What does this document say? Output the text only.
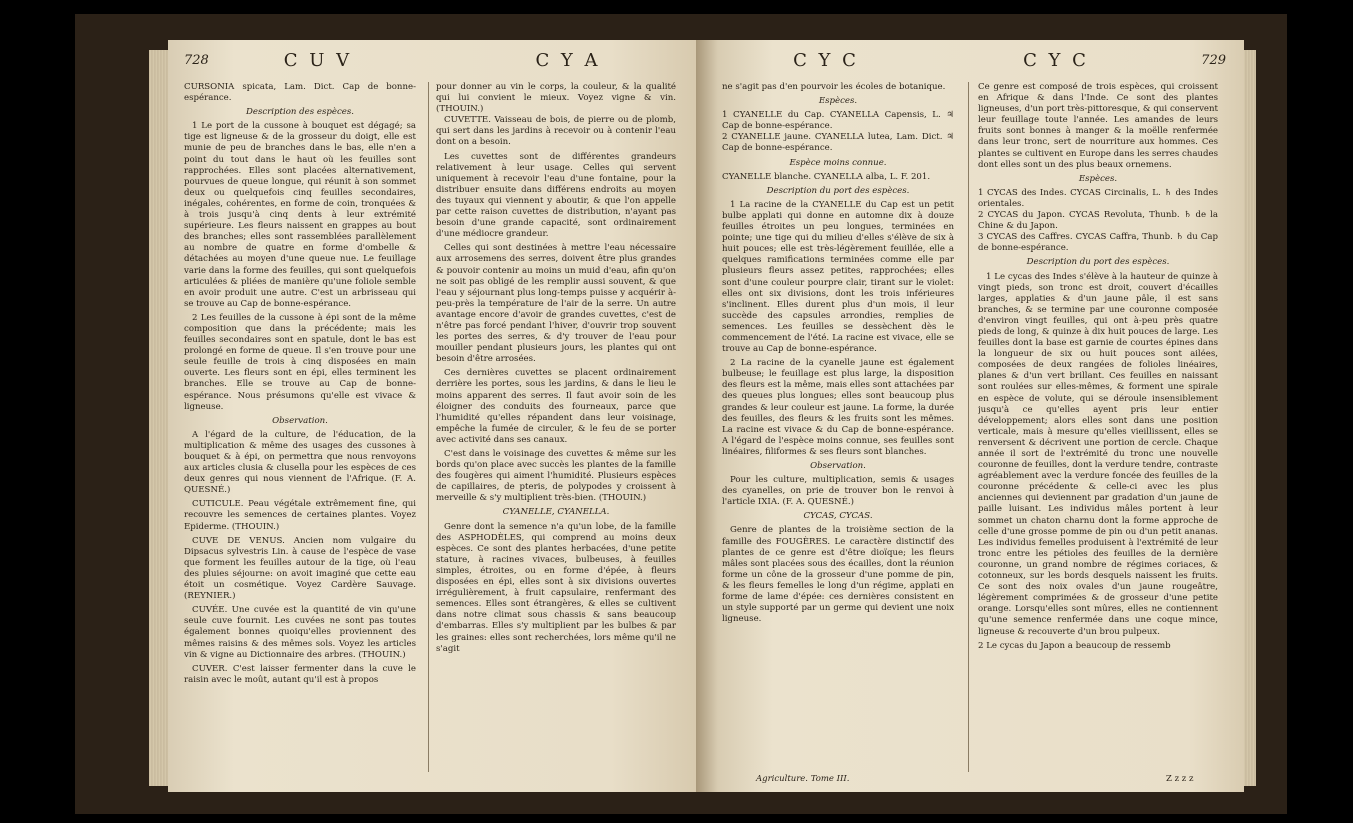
728	C U V	C Y A

CURSONIA spicata, Lam. Dict. Cap de bonne-espérance.

Description des espèces.

1 Le port de la cussone à bouquet est dégagé; sa tige est ligneuse & de la grosseur du doigt, elle est munie de peu de branches dans le bas, elle n'en a point du tout dans le haut où les feuilles sont rapprochées. Elles sont placées alternativement, pourvues de queue longue, qui réunit à son sommet deux ou quelquefois cinq feuilles secondaires, inégales, cohérentes, en forme de coin, tronquées & à trois jusqu'à cinq dents à leur extrémité supérieure. Les fleurs naissent en grappes au bout des branches; elles sont rassemblées parallèlement au nombre de quatre en forme d'ombelle & détachées au moyen d'une queue nue. Le feuillage varie dans la forme des feuilles, qui sont quelquefois articulées & pliées de manière qu'une foliole semble en avoir produit une autre. C'est un arbrisseau qui se trouve au Cap de bonne-espérance.

2 Les feuilles de la cussone à épi sont de la même composition que dans la précédente; mais les feuilles secondaires sont en spatule, dont le bas est prolongé en forme de queue. Il s'en trouve pour une seule feuille de trois à cinq disposées en main ouverte. Les fleurs sont en épi, elles terminent les branches. Elle se trouve au Cap de bonne-espérance. Nous présumons qu'elle est vivace & ligneuse.

Observation.

A l'égard de la culture, de l'éducation, de la multiplication & même des usages des cussones à bouquet & à épi, on permettra que nous renvoyons aux articles clusia & clusella pour les espèces de ces deux genres qui nous viennent de l'Afrique. (F. A. QUESNÉ.)

CUTICULE. Peau végétale extrêmement fine, qui recouvre les semences de certaines plantes. Voyez Epiderme. (THOUIN.)

CUVE DE VENUS. Ancien nom vulgaire du Dipsacus sylvestris Lin. à cause de l'espèce de vase que forment les feuilles autour de la tige, où l'eau des pluies séjourne: on avoit imaginé que cette eau étoit un cosmétique. Voyez Cardère Sauvage. (REYNIER.)

CUVÉE. Une cuvée est la quantité de vin qu'une seule cuve fournit. Les cuvées ne sont pas toutes également bonnes quoiqu'elles proviennent des mêmes raisins & des mêmes sols. Voyez les articles vin & vigne au Dictionnaire des arbres. (THOUIN.)

CUVER. C'est laisser fermenter dans la cuve le raisin avec le moût, autant qu'il est à propos

pour donner au vin le corps, la couleur, & la qualité qui lui convient le mieux. Voyez vigne & vin. (THOUIN.)

CUVETTE. Vaisseau de bois, de pierre ou de plomb, qui sert dans les jardins à recevoir ou à contenir l'eau dont on a besoin.

Les cuvettes sont de différentes grandeurs relativement à leur usage. Celles qui servent uniquement à recevoir l'eau d'une fontaine, pour la distribuer ensuite dans différens endroits au moyen des tuyaux qui viennent y aboutir, & que l'on appelle par cette raison cuvettes de distribution, n'ayant pas besoin d'une grande capacité, sont ordinairement d'une médiocre grandeur.

Celles qui sont destinées à mettre l'eau nécessaire aux arrosemens des serres, doivent être plus grandes & pouvoir contenir au moins un muid d'eau, afin qu'on ne soit pas obligé de les remplir aussi souvent, & que l'eau y séjournant plus long-temps puisse y acquérir à-peu-près la température de l'air de la serre. Un autre avantage encore d'avoir de grandes cuvettes, c'est de n'être pas forcé pendant l'hiver, d'ouvrir trop souvent les portes des serres, & d'y trouver de l'eau pour mouiller pendant plusieurs jours, les plantes qui ont besoin d'être arrosées.

Ces dernières cuvettes se placent ordinairement derrière les portes, sous les jardins, & dans le lieu le moins apparent des serres. Il faut avoir soin de les éloigner des conduits des fourneaux, parce que l'humidité qu'elles répandent dans leur voisinage, empêche la fumée de circuler, & le feu de se porter avec activité dans ses canaux.

C'est dans le voisinage des cuvettes & même sur les bords qu'on place avec succès les plantes de la famille des fougères qui aiment l'humidité. Plusieurs espèces de capillaires, de pteris, de polypodes y croissent à merveille & s'y multiplient très-bien. (THOUIN.)

CYANELLE, CYANELLA.

Genre dont la semence n'a qu'un lobe, de la famille des ASPHODÈLES, qui comprend au moins deux espèces. Ce sont des plantes herbacées, d'une petite stature, à racines vivaces, bulbeuses, à feuilles simples, étroites, ou en forme d'épée, à fleurs disposées en épi, elles sont à six divisions ouvertes irrégulièrement, à fruit capsulaire, renfermant des semences. Elles sont étrangères, & elles se cultivent dans notre climat sous chassis & sans beaucoup d'embarras. Elles s'y multiplient par les bulbes & par les graines: elles sont recherchées, lors même qu'il ne s'agit

C Y C	C Y C	729

ne s'agit pas d'en pourvoir les écoles de botanique.

Espèces.

1 CYANELLE du Cap. CYANELLA Capensis, L. ♃ Cap de bonne-espérance.

2 CYANELLE jaune. CYANELLA lutea, Lam. Dict. ♃ Cap de bonne-espérance.

Espèce moins connue.

CYANELLE blanche. CYANELLA alba, L. F. 201.

Description du port des espèces.

1 La racine de la CYANELLE du Cap est un petit bulbe applati qui donne en automne dix à douze feuilles étroites un peu longues, terminées en pointe; une tige qui du milieu d'elles s'élève de six à huit pouces; elle est très-légèrement feuillée, elle a quelques ramifications terminées comme elle par plusieurs fleurs assez petites, rapprochées; elles sont d'une couleur pourpre clair, tirant sur le violet: elles ont six divisions, dont les trois inférieures s'inclinent. Elles durent plus d'un mois, il leur succède des capsules arrondies, remplies de semences. Les feuilles se dessèchent dès le commencement de l'été. La racine est vivace, elle se trouve au Cap de bonne-espérance.

2 La racine de la cyanelle jaune est également bulbeuse; le feuillage est plus large, la disposition des fleurs est la même, mais elles sont attachées par des queues plus longues; elles sont beaucoup plus grandes & leur couleur est jaune. La forme, la durée des feuilles, des fleurs & les fruits sont les mêmes. La racine est vivace & du Cap de bonne-espérance. A l'égard de l'espèce moins connue, ses feuilles sont linéaires, filiformes & ses fleurs sont blanches.

Observation.

Pour les culture, multiplication, semis & usages des cyanelles, on prie de trouver bon le renvoi à l'article IXIA. (F. A. QUESNÉ.)

CYCAS, CYCAS.

Genre de plantes de la troisième section de la famille des FOUGÈRES. Le caractère distinctif des plantes de ce genre est d'être dioïque; les fleurs mâles sont placées sous des écailles, dont la réunion forme un cône de la grosseur d'une pomme de pin, & les fleurs femelles le long d'un régime, applati en forme de lame d'épée: ces dernières consistent en un style supporté par un germe qui devient une noix ligneuse.

Ce genre est composé de trois espèces, qui croissent en Afrique & dans l'Inde. Ce sont des plantes ligneuses, d'un port très-pittoresque, & qui conservent leur feuillage toute l'année. Les amandes de leurs fruits sont bonnes à manger & la moëlle renfermée dans leur tronc, sert de nourriture aux hommes. Ces plantes se cultivent en Europe dans les serres chaudes dont elles sont un des plus beaux ornemens.

Espèces.

1 CYCAS des Indes. CYCAS Circinalis, L. ♄ des Indes orientales.

2 CYCAS du Japon. CYCAS Revoluta, Thunb. ♄ de la Chine & du Japon.

3 CYCAS des Caffres. CYCAS Caffra, Thunb. ♄ du Cap de bonne-espérance.

Description du port des espèces.

1 Le cycas des Indes s'élève à la hauteur de quinze à vingt pieds, son tronc est droit, couvert d'écailles larges, applaties & d'un jaune pâle, il est sans branches, & se termine par une couronne composée d'environ vingt feuilles, qui ont à-peu près quatre pieds de long, & quinze à dix huit pouces de large. Les feuilles dont la base est garnie de courtes épines dans la longueur de six ou huit pouces sont ailées, composées de deux rangées de folioles linéaires, planes & d'un vert brillant. Ces feuilles en naissant sont roulées sur elles-mêmes, & forment une spirale en espèce de volute, qui se déroule insensiblement jusqu'à ce qu'elles ayent pris leur entier développement; alors elles sont dans une position verticale, mais à mesure qu'elles vieillissent, elles se renversent & décrivent une portion de cercle. Chaque année il sort de l'extrémité du tronc une nouvelle couronne de feuilles, dont la verdure tendre, contraste agréablement avec la verdure foncée des feuilles de la couronne précédente & celle-ci avec les plus anciennes qui deviennent par gradation d'un jaune de paille luisant. Les individus mâles portent à leur sommet un chaton charnu dont la forme approche de celle d'une grosse pomme de pin ou d'un petit ananas. Les individus femelles produisent à l'extrémité de leur tronc entre les pétioles des feuilles de la dernière couronne, un grand nombre de régimes coriaces, & cotonneux, sur les bords desquels naissent les fruits. Ce sont des noix ovales d'un jaune rougeâtre, légèrement comprimées & de grosseur d'une petite orange. Lorsqu'elles sont mûres, elles ne contiennent qu'une semence renfermée dans une coque mince, ligneuse & recouverte d'un brou pulpeux.

2 Le cycas du Japon a beaucoup de ressemb

Agriculture. Tome III.	Z z z z
